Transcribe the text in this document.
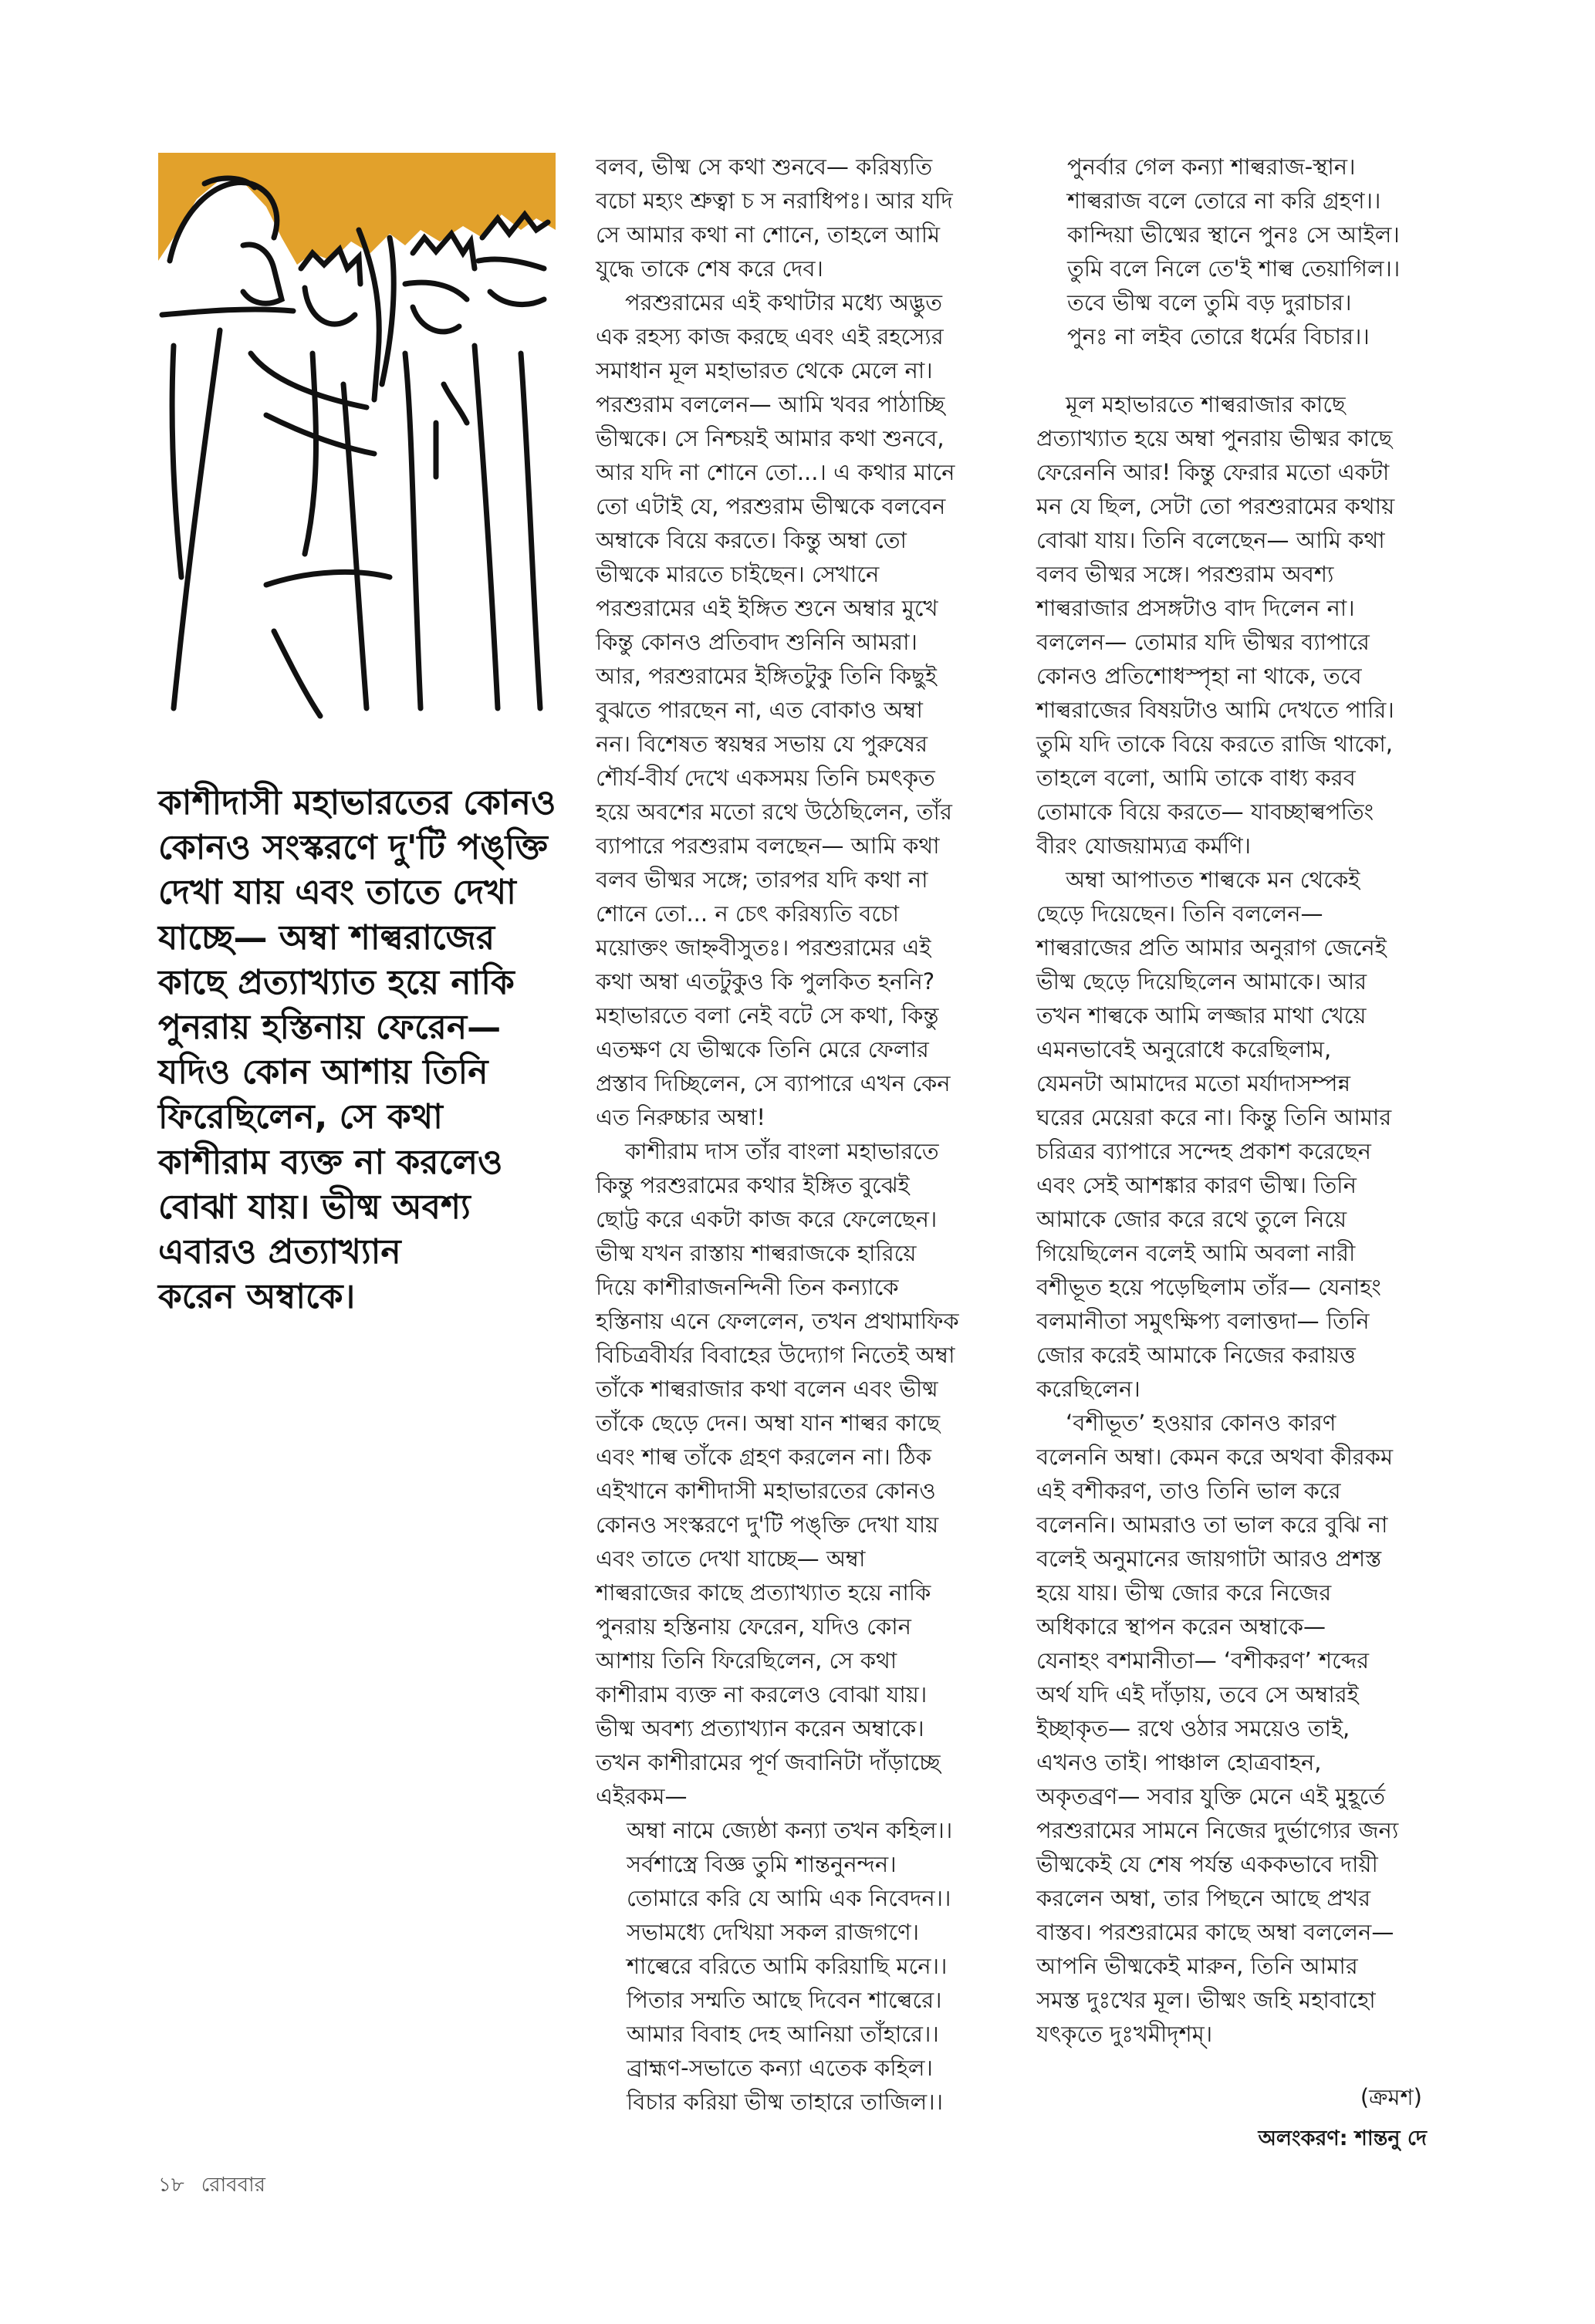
কাশীদাসী মহাভারতের কোনও
কোনও সংস্করণে দু'টি পঙ্‌ক্তি
দেখা যায় এবং তাতে দেখা
যাচ্ছে— অম্বা শাল্বরাজের
কাছে প্রত্যাখ্যাত হয়ে নাকি
পুনরায় হস্তিনায় ফেরেন—
যদিও কোন আশায় তিনি
ফিরেছিলেন, সে কথা
কাশীরাম ব্যক্ত না করলেও
বোঝা যায়। ভীষ্ম অবশ্য
এবারও প্রত্যাখ্যান
করেন অম্বাকে।
বলব, ভীষ্ম সে কথা শুনবে— করিষ্যতি
বচো মহ্যং শ্রুত্বা চ স নরাধিপঃ। আর যদি
সে আমার কথা না শোনে, তাহলে আমি
যুদ্ধে তাকে শেষ করে দেব।
পরশুরামের এই কথাটার মধ্যে অদ্ভুত
এক রহস্য কাজ করছে এবং এই রহস্যের
সমাধান মূল মহাভারত থেকে মেলে না।
পরশুরাম বললেন— আমি খবর পাঠাচ্ছি
ভীষ্মকে। সে নিশ্চয়ই আমার কথা শুনবে,
আর যদি না শোনে তো...। এ কথার মানে
তো এটাই যে, পরশুরাম ভীষ্মকে বলবেন
অম্বাকে বিয়ে করতে। কিন্তু অম্বা তো
ভীষ্মকে মারতে চাইছেন। সেখানে
পরশুরামের এই ইঙ্গিত শুনে অম্বার মুখে
কিন্তু কোনও প্রতিবাদ শুনিনি আমরা।
আর, পরশুরামের ইঙ্গিতটুকু তিনি কিছুই
বুঝতে পারছেন না, এত বোকাও অম্বা
নন। বিশেষত স্বয়ম্বর সভায় যে পুরুষের
শৌর্য-বীর্য দেখে একসময় তিনি চমৎকৃত
হয়ে অবশের মতো রথে উঠেছিলেন, তাঁর
ব্যাপারে পরশুরাম বলছেন— আমি কথা
বলব ভীষ্মর সঙ্গে; তারপর যদি কথা না
শোনে তো... ন চেৎ করিষ্যতি বচো
ময়োক্তং জাহ্নবীসুতঃ। পরশুরামের এই
কথা অম্বা এতটুকুও কি পুলকিত হননি?
মহাভারতে বলা নেই বটে সে কথা, কিন্তু
এতক্ষণ যে ভীষ্মকে তিনি মেরে ফেলার
প্রস্তাব দিচ্ছিলেন, সে ব্যাপারে এখন কেন
এত নিরুচ্চার অম্বা!
কাশীরাম দাস তাঁর বাংলা মহাভারতে
কিন্তু পরশুরামের কথার ইঙ্গিত বুঝেই
ছোট্ট করে একটা কাজ করে ফেলেছেন।
ভীষ্ম যখন রাস্তায় শাল্বরাজকে হারিয়ে
দিয়ে কাশীরাজনন্দিনী তিন কন্যাকে
হস্তিনায় এনে ফেললেন, তখন প্রথামাফিক
বিচিত্রবীর্যর বিবাহের উদ্যোগ নিতেই অম্বা
তাঁকে শাল্বরাজার কথা বলেন এবং ভীষ্ম
তাঁকে ছেড়ে দেন। অম্বা যান শাল্বর কাছে
এবং শাল্ব তাঁকে গ্রহণ করলেন না। ঠিক
এইখানে কাশীদাসী মহাভারতের কোনও
কোনও সংস্করণে দু'টি পঙ্‌ক্তি দেখা যায়
এবং তাতে দেখা যাচ্ছে— অম্বা
শাল্বরাজের কাছে প্রত্যাখ্যাত হয়ে নাকি
পুনরায় হস্তিনায় ফেরেন, যদিও কোন
আশায় তিনি ফিরেছিলেন, সে কথা
কাশীরাম ব্যক্ত না করলেও বোঝা যায়।
ভীষ্ম অবশ্য প্রত্যাখ্যান করেন অম্বাকে।
তখন কাশীরামের পূর্ণ জবানিটা দাঁড়াচ্ছে
এইরকম—
অম্বা নামে জ্যেষ্ঠা কন্যা তখন কহিল।।
সর্বশাস্ত্রে বিজ্ঞ তুমি শান্তনুনন্দন।
তোমারে করি যে আমি এক নিবেদন।।
সভামধ্যে দেখিয়া সকল রাজগণে।
শাল্বেরে বরিতে আমি করিয়াছি মনে।।
পিতার সম্মতি আছে দিবেন শাল্বেরে।
আমার বিবাহ দেহ আনিয়া তাঁহারে।।
ব্রাহ্মণ-সভাতে কন্যা এতেক কহিল।
বিচার করিয়া ভীষ্ম তাহারে তাজিল।।
পুনর্বার গেল কন্যা শাল্বরাজ-স্থান।
শাল্বরাজ বলে তোরে না করি গ্রহণ।।
কান্দিয়া ভীষ্মের স্থানে পুনঃ সে আইল।
তুমি বলে নিলে তে'ই শাল্ব তেয়াগিল।।
তবে ভীষ্ম বলে তুমি বড় দুরাচার।
পুনঃ না লইব তোরে ধর্মের বিচার।।
মূল মহাভারতে শাল্বরাজার কাছে
প্রত্যাখ্যাত হয়ে অম্বা পুনরায় ভীষ্মর কাছে
ফেরেননি আর! কিন্তু ফেরার মতো একটা
মন যে ছিল, সেটা তো পরশুরামের কথায়
বোঝা যায়। তিনি বলেছেন— আমি কথা
বলব ভীষ্মর সঙ্গে। পরশুরাম অবশ্য
শাল্বরাজার প্রসঙ্গটাও বাদ দিলেন না।
বললেন— তোমার যদি ভীষ্মর ব্যাপারে
কোনও প্রতিশোধস্পৃহা না থাকে, তবে
শাল্বরাজের বিষয়টাও আমি দেখতে পারি।
তুমি যদি তাকে বিয়ে করতে রাজি থাকো,
তাহলে বলো, আমি তাকে বাধ্য করব
তোমাকে বিয়ে করতে— যাবচ্ছাল্বপতিং
বীরং যোজয়াম্যত্র কর্মণি।
অম্বা আপাতত শাল্বকে মন থেকেই
ছেড়ে দিয়েছেন। তিনি বললেন—
শাল্বরাজের প্রতি আমার অনুরাগ জেনেই
ভীষ্ম ছেড়ে দিয়েছিলেন আমাকে। আর
তখন শাল্বকে আমি লজ্জার মাথা খেয়ে
এমনভাবেই অনুরোধে করেছিলাম,
যেমনটা আমাদের মতো মর্যাদাসম্পন্ন
ঘরের মেয়েরা করে না। কিন্তু তিনি আমার
চরিত্রর ব্যাপারে সন্দেহ প্রকাশ করেছেন
এবং সেই আশঙ্কার কারণ ভীষ্ম। তিনি
আমাকে জোর করে রথে তুলে নিয়ে
গিয়েছিলেন বলেই আমি অবলা নারী
বশীভূত হয়ে পড়েছিলাম তাঁর— যেনাহং
বলমানীতা সমুৎক্ষিপ্য বলাত্তদা— তিনি
জোর করেই আমাকে নিজের করায়ত্ত
করেছিলেন।
‘বশীভূত’ হওয়ার কোনও কারণ
বলেননি অম্বা। কেমন করে অথবা কীরকম
এই বশীকরণ, তাও তিনি ভাল করে
বলেননি। আমরাও তা ভাল করে বুঝি না
বলেই অনুমানের জায়গাটা আরও প্রশস্ত
হয়ে যায়। ভীষ্ম জোর করে নিজের
অধিকারে স্থাপন করেন অম্বাকে—
যেনাহং বশমানীতা— ‘বশীকরণ’ শব্দের
অর্থ যদি এই দাঁড়ায়, তবে সে অম্বারই
ইচ্ছাকৃত— রথে ওঠার সময়েও তাই,
এখনও তাই। পাঞ্চাল হোত্রবাহন,
অকৃতব্রণ— সবার যুক্তি মেনে এই মুহূর্তে
পরশুরামের সামনে নিজের দুর্ভাগ্যের জন্য
ভীষ্মকেই যে শেষ পর্যন্ত এককভাবে দায়ী
করলেন অম্বা, তার পিছনে আছে প্রখর
বাস্তব। পরশুরামের কাছে অম্বা বললেন—
আপনি ভীষ্মকেই মারুন, তিনি আমার
সমস্ত দুঃখের মূল। ভীষ্মং জহি মহাবাহো
যৎকৃতে দুঃখমীদৃশম্।
(ক্রমশ)
অলংকরণ: শান্তনু দে
১৮ রোববার
